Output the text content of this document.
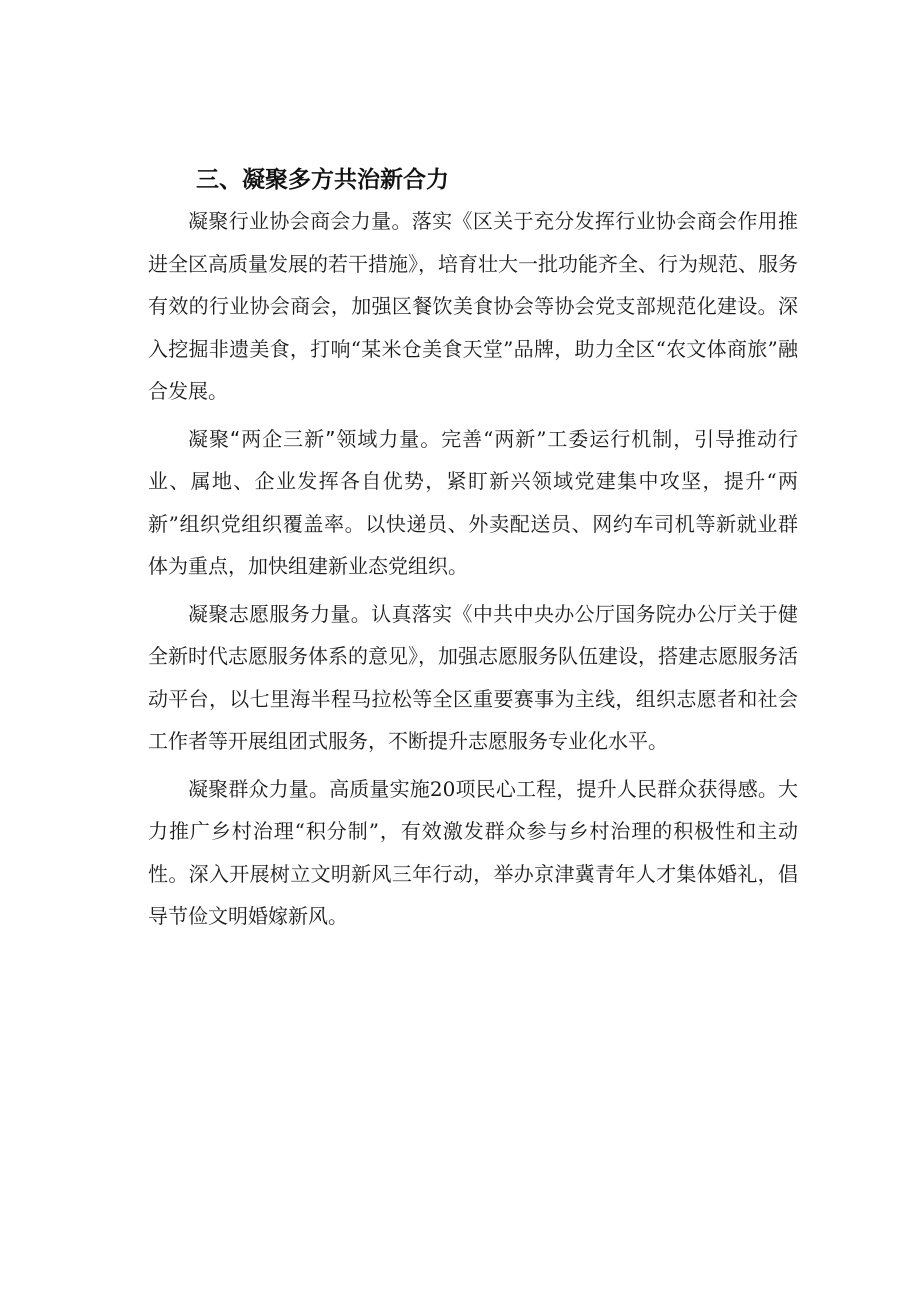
三、凝聚多方共治新合力

凝聚行业协会商会力量。落实《区关于充分发挥行业协会商会作用推进全区高质量发展的若干措施》，培育壮大一批功能齐全、行为规范、服务有效的行业协会商会，加强区餐饮美食协会等协会党支部规范化建设。深入挖掘非遗美食，打响“某米仓美食天堂”品牌，助力全区“农文体商旅”融合发展。

凝聚“两企三新”领域力量。完善“两新”工委运行机制，引导推动行业、属地、企业发挥各自优势，紧盯新兴领域党建集中攻坚，提升“两新”组织党组织覆盖率。以快递员、外卖配送员、网约车司机等新就业群体为重点，加快组建新业态党组织。

凝聚志愿服务力量。认真落实《中共中央办公厅国务院办公厅关于健全新时代志愿服务体系的意见》，加强志愿服务队伍建设，搭建志愿服务活动平台，以七里海半程马拉松等全区重要赛事为主线，组织志愿者和社会工作者等开展组团式服务，不断提升志愿服务专业化水平。

凝聚群众力量。高质量实施20项民心工程，提升人民群众获得感。大力推广乡村治理“积分制”，有效激发群众参与乡村治理的积极性和主动性。深入开展树立文明新风三年行动，举办京津冀青年人才集体婚礼，倡导节俭文明婚嫁新风。
